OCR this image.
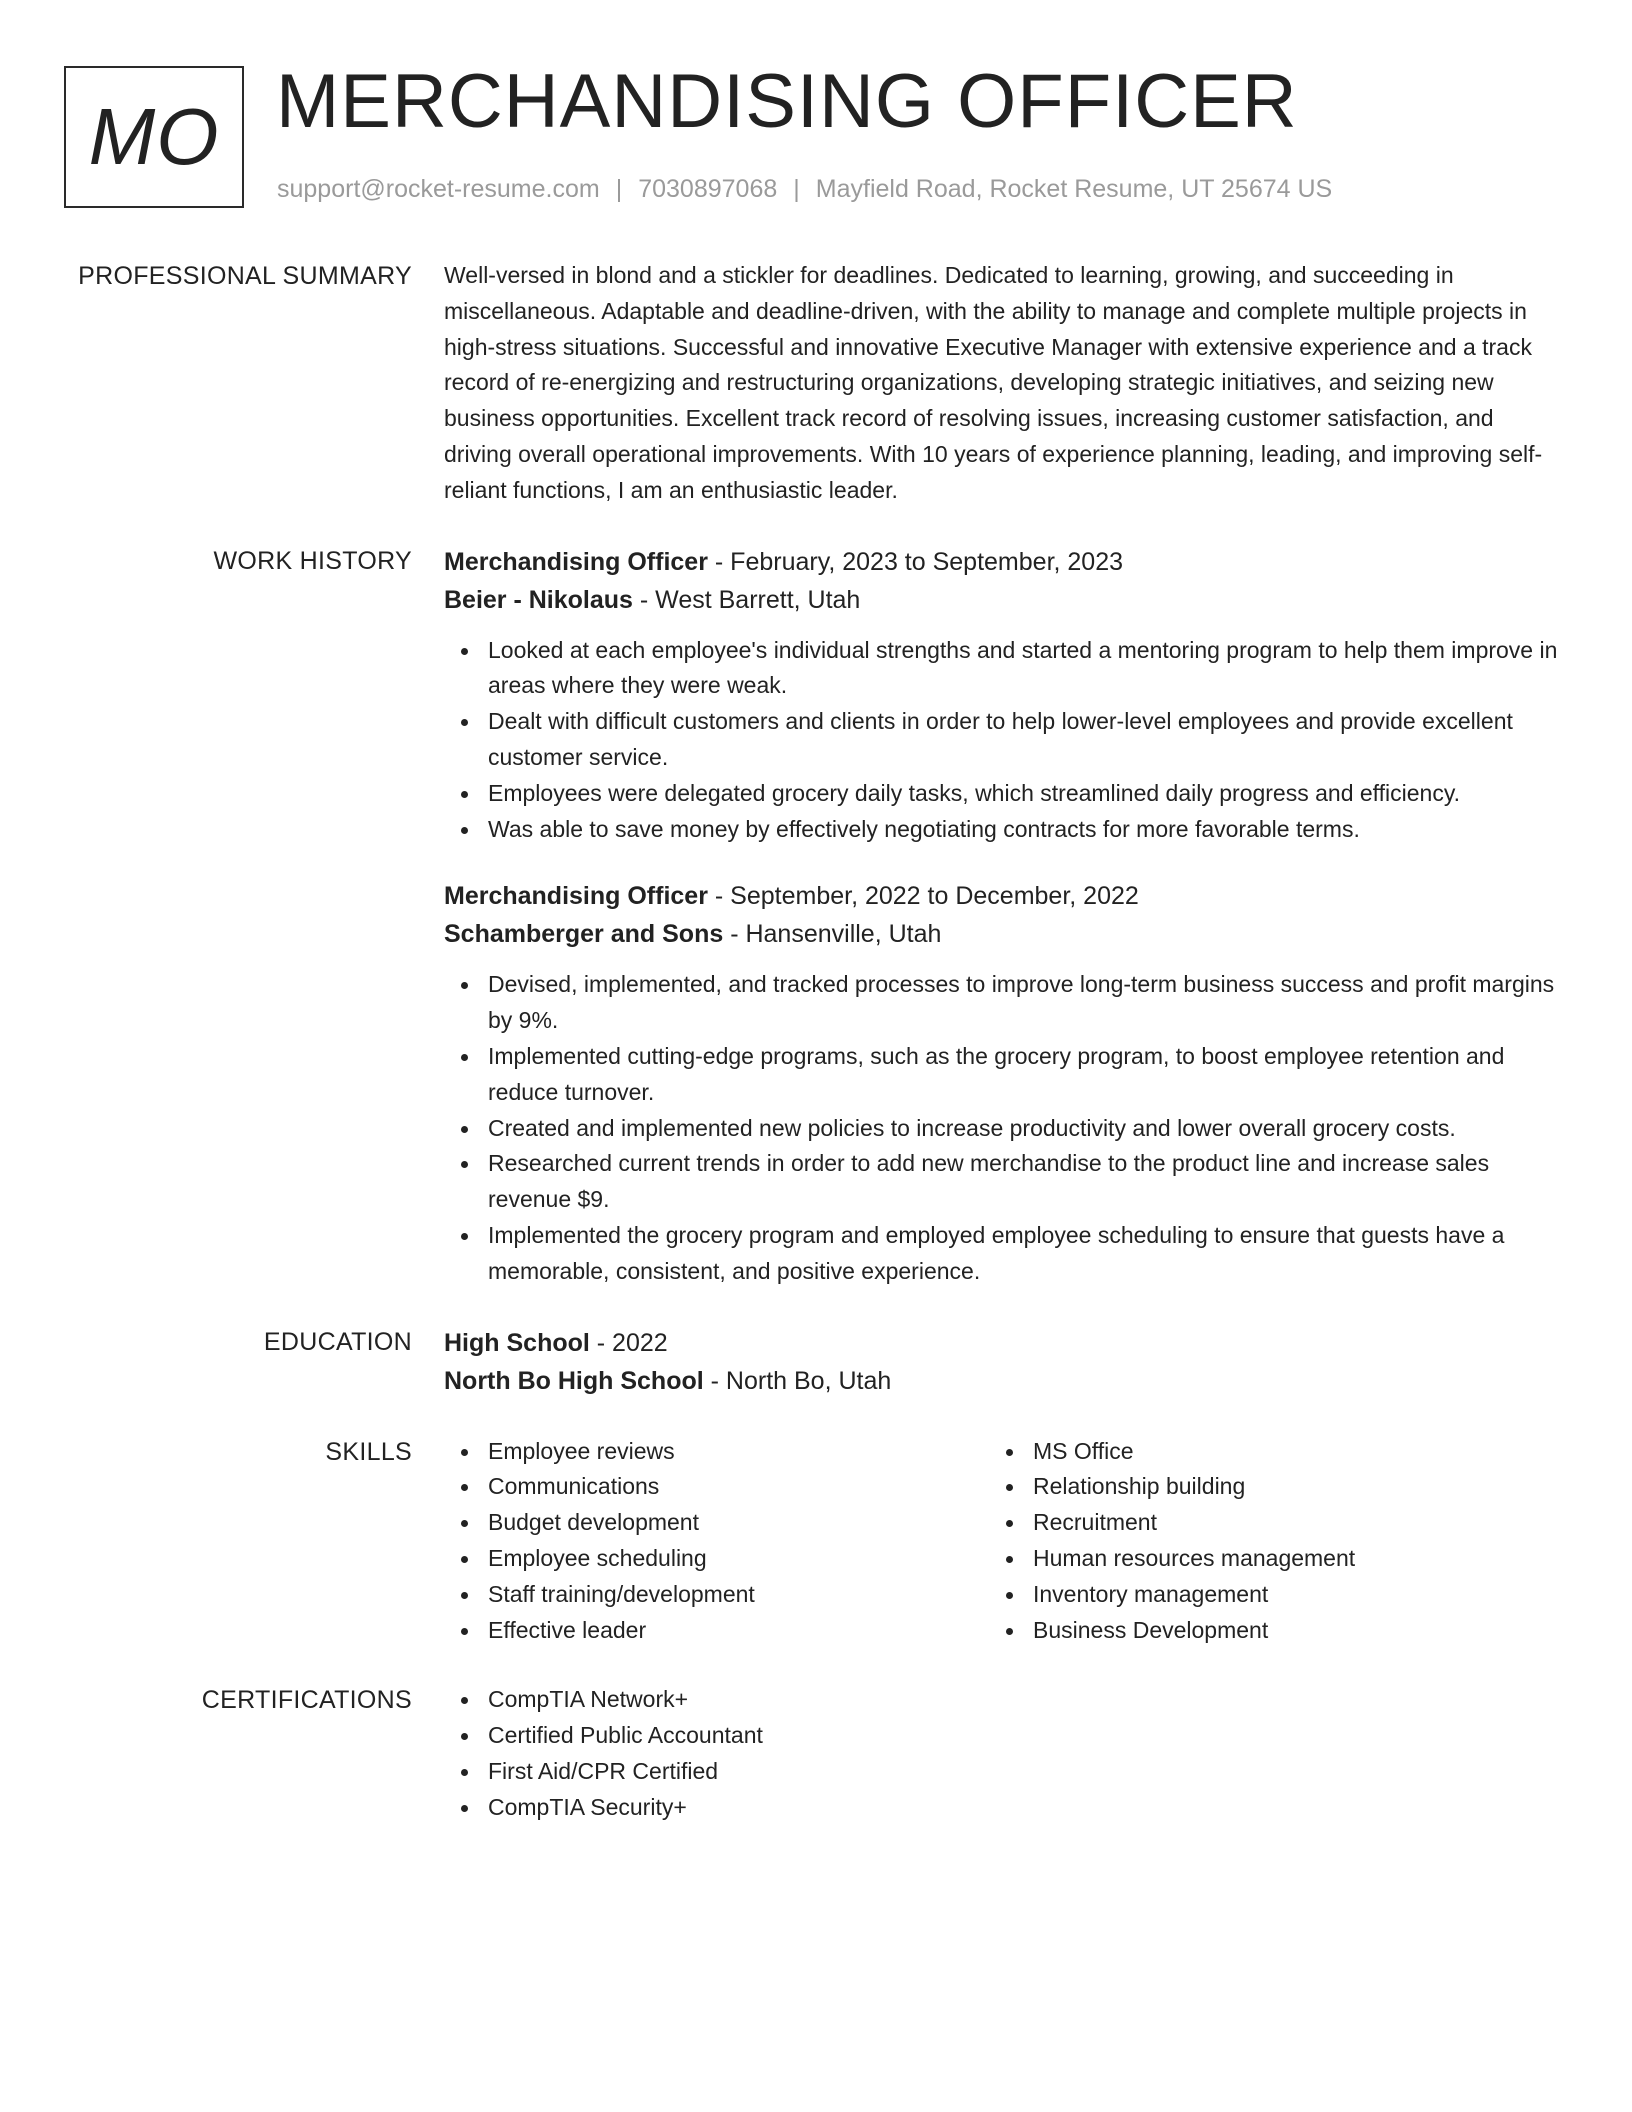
MO MERCHANDISING OFFICER
support@rocket-resume.com | 7030897068 | Mayfield Road, Rocket Resume, UT 25674 US
PROFESSIONAL SUMMARY Well-versed in blond and a stickler for deadlines. Dedicated to learning, growing, and succeeding in miscellaneous. Adaptable and deadline-driven, with the ability to manage and complete multiple projects in high-stress situations. Successful and innovative Executive Manager with extensive experience and a track record of re-energizing and restructuring organizations, developing strategic initiatives, and seizing new business opportunities. Excellent track record of resolving issues, increasing customer satisfaction, and driving overall operational improvements. With 10 years of experience planning, leading, and improving self-reliant functions, I am an enthusiastic leader.
WORK HISTORY Merchandising Officer - February, 2023 to September, 2023
Beier - Nikolaus - West Barrett, Utah
Looked at each employee's individual strengths and started a mentoring program to help them improve in areas where they were weak.
Dealt with difficult customers and clients in order to help lower-level employees and provide excellent customer service.
Employees were delegated grocery daily tasks, which streamlined daily progress and efficiency.
Was able to save money by effectively negotiating contracts for more favorable terms.
Merchandising Officer - September, 2022 to December, 2022
Schamberger and Sons - Hansenville, Utah
Devised, implemented, and tracked processes to improve long-term business success and profit margins by 9%.
Implemented cutting-edge programs, such as the grocery program, to boost employee retention and reduce turnover.
Created and implemented new policies to increase productivity and lower overall grocery costs.
Researched current trends in order to add new merchandise to the product line and increase sales revenue $9.
Implemented the grocery program and employed employee scheduling to ensure that guests have a memorable, consistent, and positive experience.
EDUCATION High School - 2022
North Bo High School - North Bo, Utah
SKILLS	Employee reviews
Communications
Budget development
Employee scheduling
Staff training/development
Effective leader
MS Office
Relationship building
Recruitment
Human resources management
Inventory management
Business Development
CERTIFICATIONS	CompTIA Network+
Certified Public Accountant
First Aid/CPR Certified
CompTIA Security+
